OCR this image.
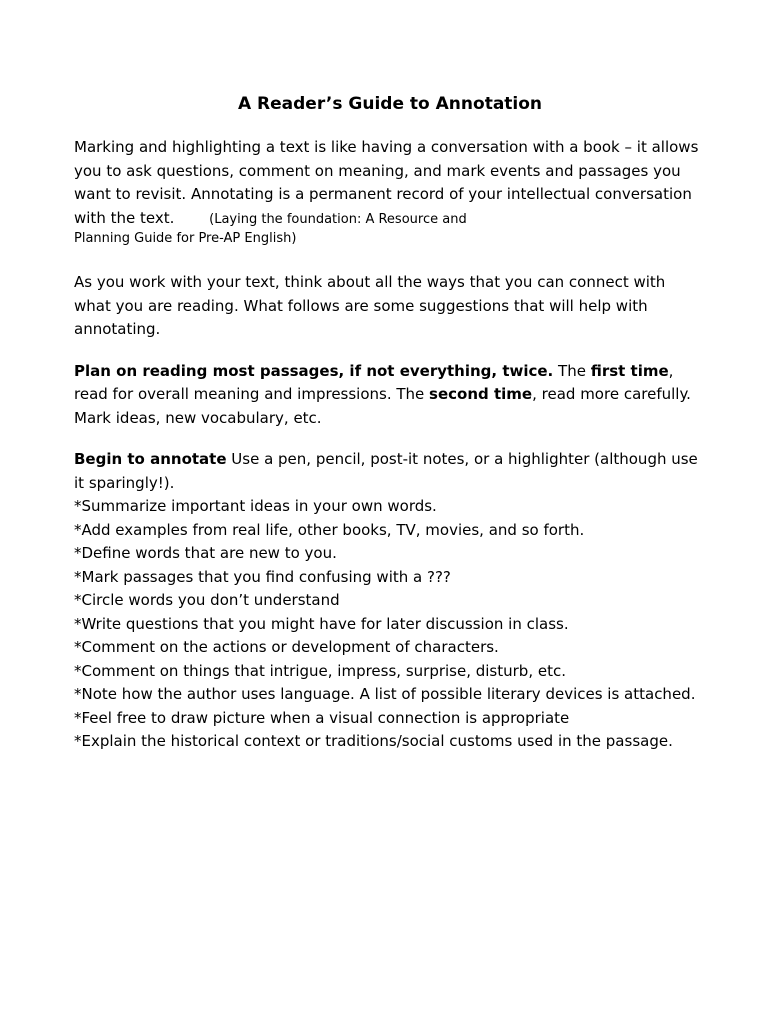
A Reader’s Guide to Annotation
Marking and highlighting a text is like having a conversation with a book – it allows you to ask questions, comment on meaning, and mark events and passages you want to revisit. Annotating is a permanent record of your intellectual conversation with the text.	(Laying the foundation: A Resource and
Planning Guide for Pre-AP English)
As you work with your text, think about all the ways that you can connect with what you are reading. What follows are some suggestions that will help with annotating.
Plan on reading most passages, if not everything, twice. The first time, read for overall meaning and impressions. The second time, read more carefully. Mark ideas, new vocabulary, etc.
Begin to annotate Use a pen, pencil, post-it notes, or a highlighter (although use it sparingly!).
*Summarize important ideas in your own words.
*Add examples from real life, other books, TV, movies, and so forth.
*Define words that are new to you.
*Mark passages that you find confusing with a ???
*Circle words you don’t understand
*Write questions that you might have for later discussion in class.
*Comment on the actions or development of characters.
*Comment on things that intrigue, impress, surprise, disturb, etc.
*Note how the author uses language. A list of possible literary devices is attached.
*Feel free to draw picture when a visual connection is appropriate
*Explain the historical context or traditions/social customs used in the passage.
